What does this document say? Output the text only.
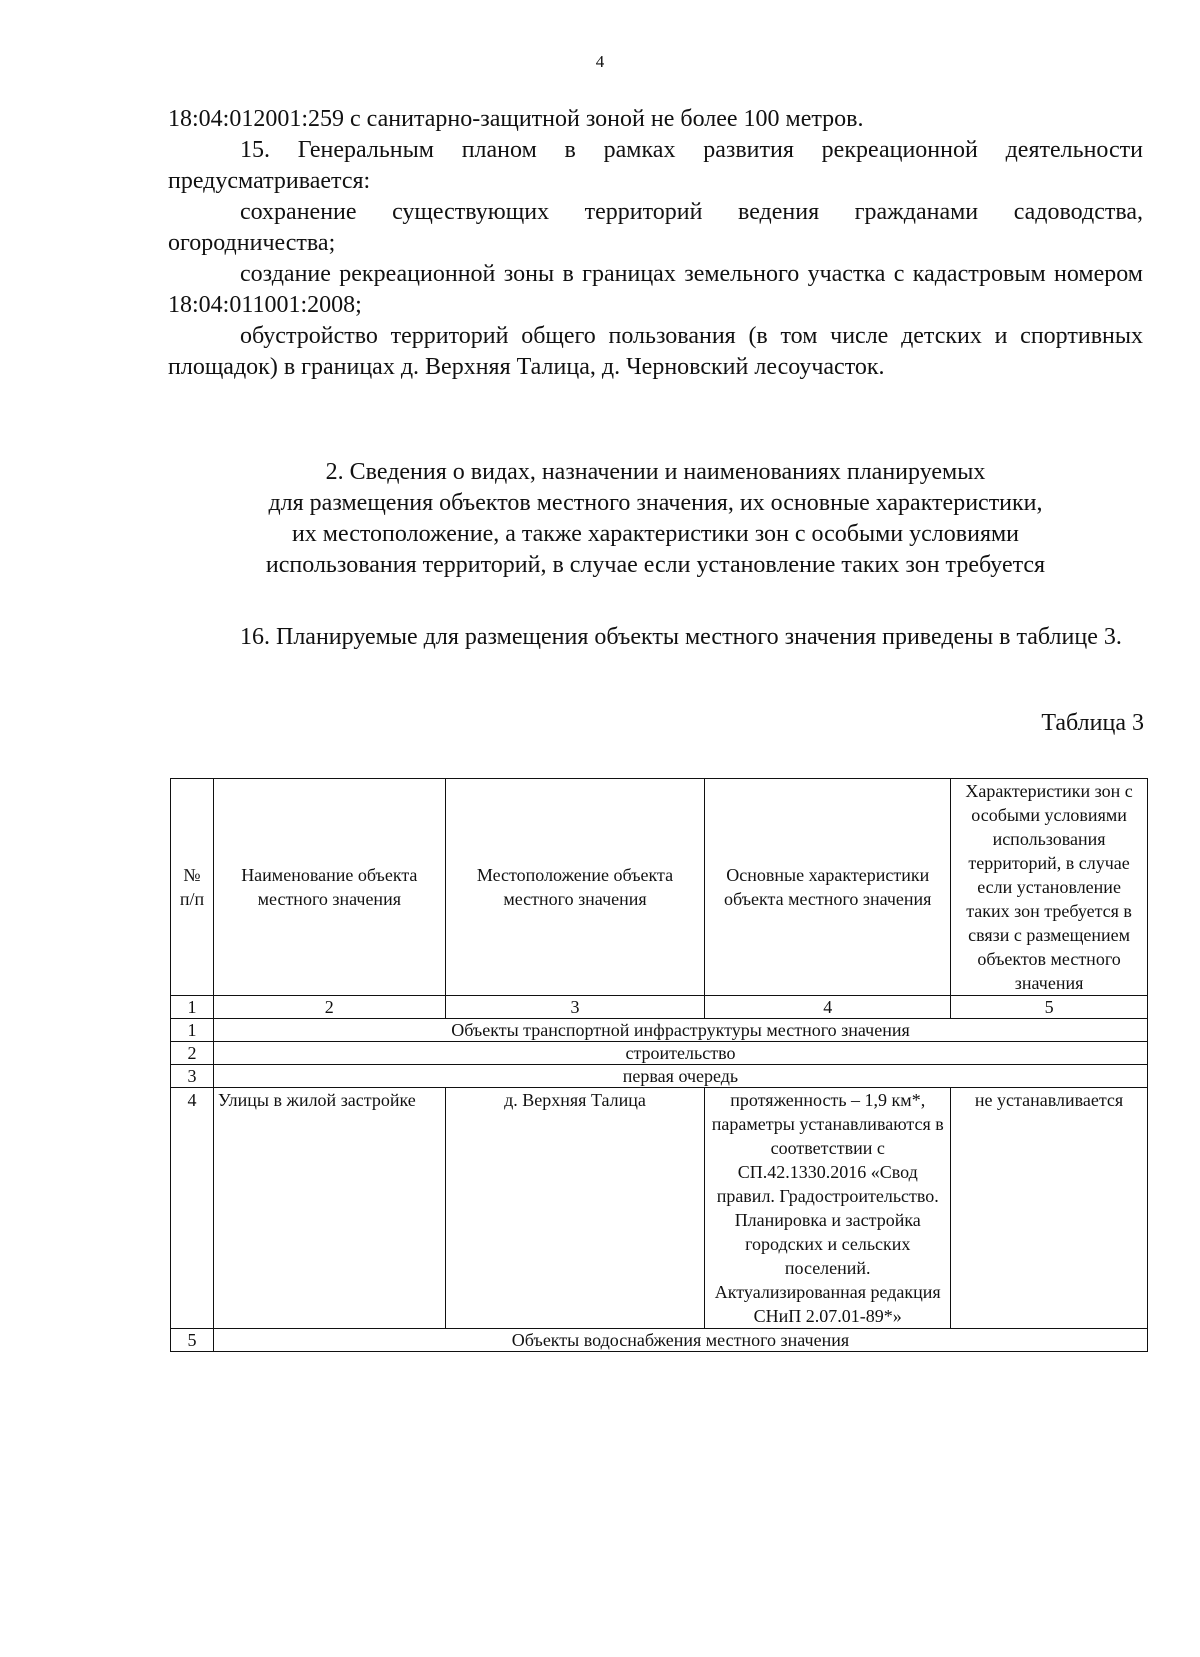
4

18:04:012001:259 с санитарно-защитной зоной не более 100 метров.

15. Генеральным планом в рамках развития рекреационной деятельности предусматривается:

сохранение существующих территорий ведения гражданами садоводства, огородничества;

создание рекреационной зоны в границах земельного участка с кадастровым номером 18:04:011001:2008;

обустройство территорий общего пользования (в том числе детских и спортивных площадок) в границах д. Верхняя Талица, д. Черновский лесоучасток.

2. Сведения о видах, назначении и наименованиях планируемых
для размещения объектов местного значения, их основные характеристики,
их местоположение, а также характеристики зон с особыми условиями
использования территорий, в случае если установление таких зон требуется

16. Планируемые для размещения объекты местного значения приведены в таблице 3.

Таблица 3
№ п/п	Наименование объекта местного значения	Местоположение объекта местного значения	Основные характеристики объекта местного значения	Характеристики зон с особыми условиями использования территорий, в случае если установление таких зон требуется в связи с размещением объектов местного значения
1	2	3	4	5
1	Объекты транспортной инфраструктуры местного значения			
2	строительство			
3	первая очередь			
4	Улицы в жилой застройке	д. Верхняя Талица	протяженность – 1,9 км*, параметры устанавливаются в соответствии с СП.42.1330.2016 «Свод правил. Градостроительство. Планировка и застройка городских и сельских поселений. Актуализированная редакция СНиП 2.07.01-89*»	не устанавливается
5	Объекты водоснабжения местного значения			
